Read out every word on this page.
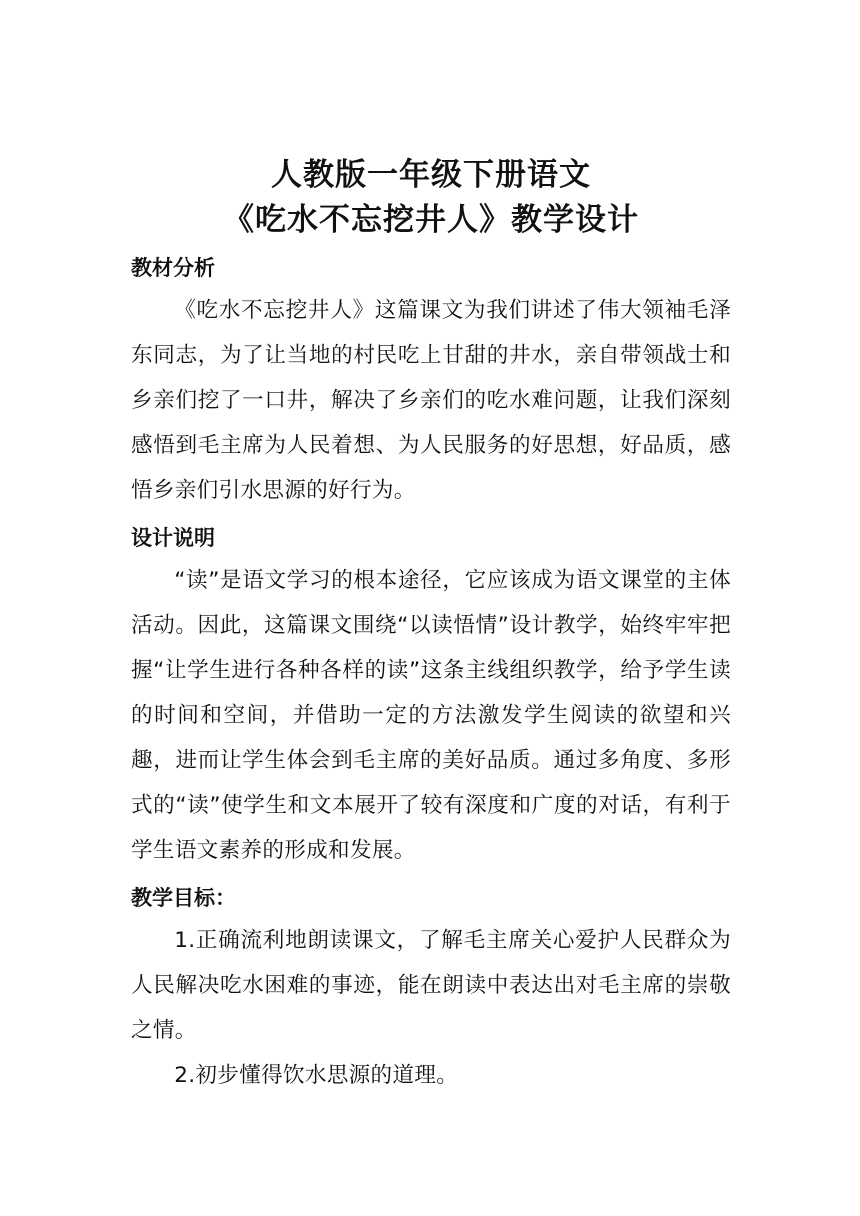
人教版一年级下册语文
《吃水不忘挖井人》教学设计
教材分析

《吃水不忘挖井人》这篇课文为我们讲述了伟大领袖毛泽东同志，为了让当地的村民吃上甘甜的井水，亲自带领战士和乡亲们挖了一口井，解决了乡亲们的吃水难问题，让我们深刻感悟到毛主席为人民着想、为人民服务的好思想，好品质，感悟乡亲们引水思源的好行为。

设计说明

“读”是语文学习的根本途径，它应该成为语文课堂的主体活动。因此，这篇课文围绕“以读悟情”设计教学，始终牢牢把握“让学生进行各种各样的读”这条主线组织教学，给予学生读的时间和空间，并借助一定的方法激发学生阅读的欲望和兴趣，进而让学生体会到毛主席的美好品质。通过多角度、多形式的“读”使学生和文本展开了较有深度和广度的对话，有利于学生语文素养的形成和发展。

教学目标：

1.正确流利地朗读课文，了解毛主席关心爱护人民群众为人民解决吃水困难的事迹，能在朗读中表达出对毛主席的崇敬之情。

2.初步懂得饮水思源的道理。
